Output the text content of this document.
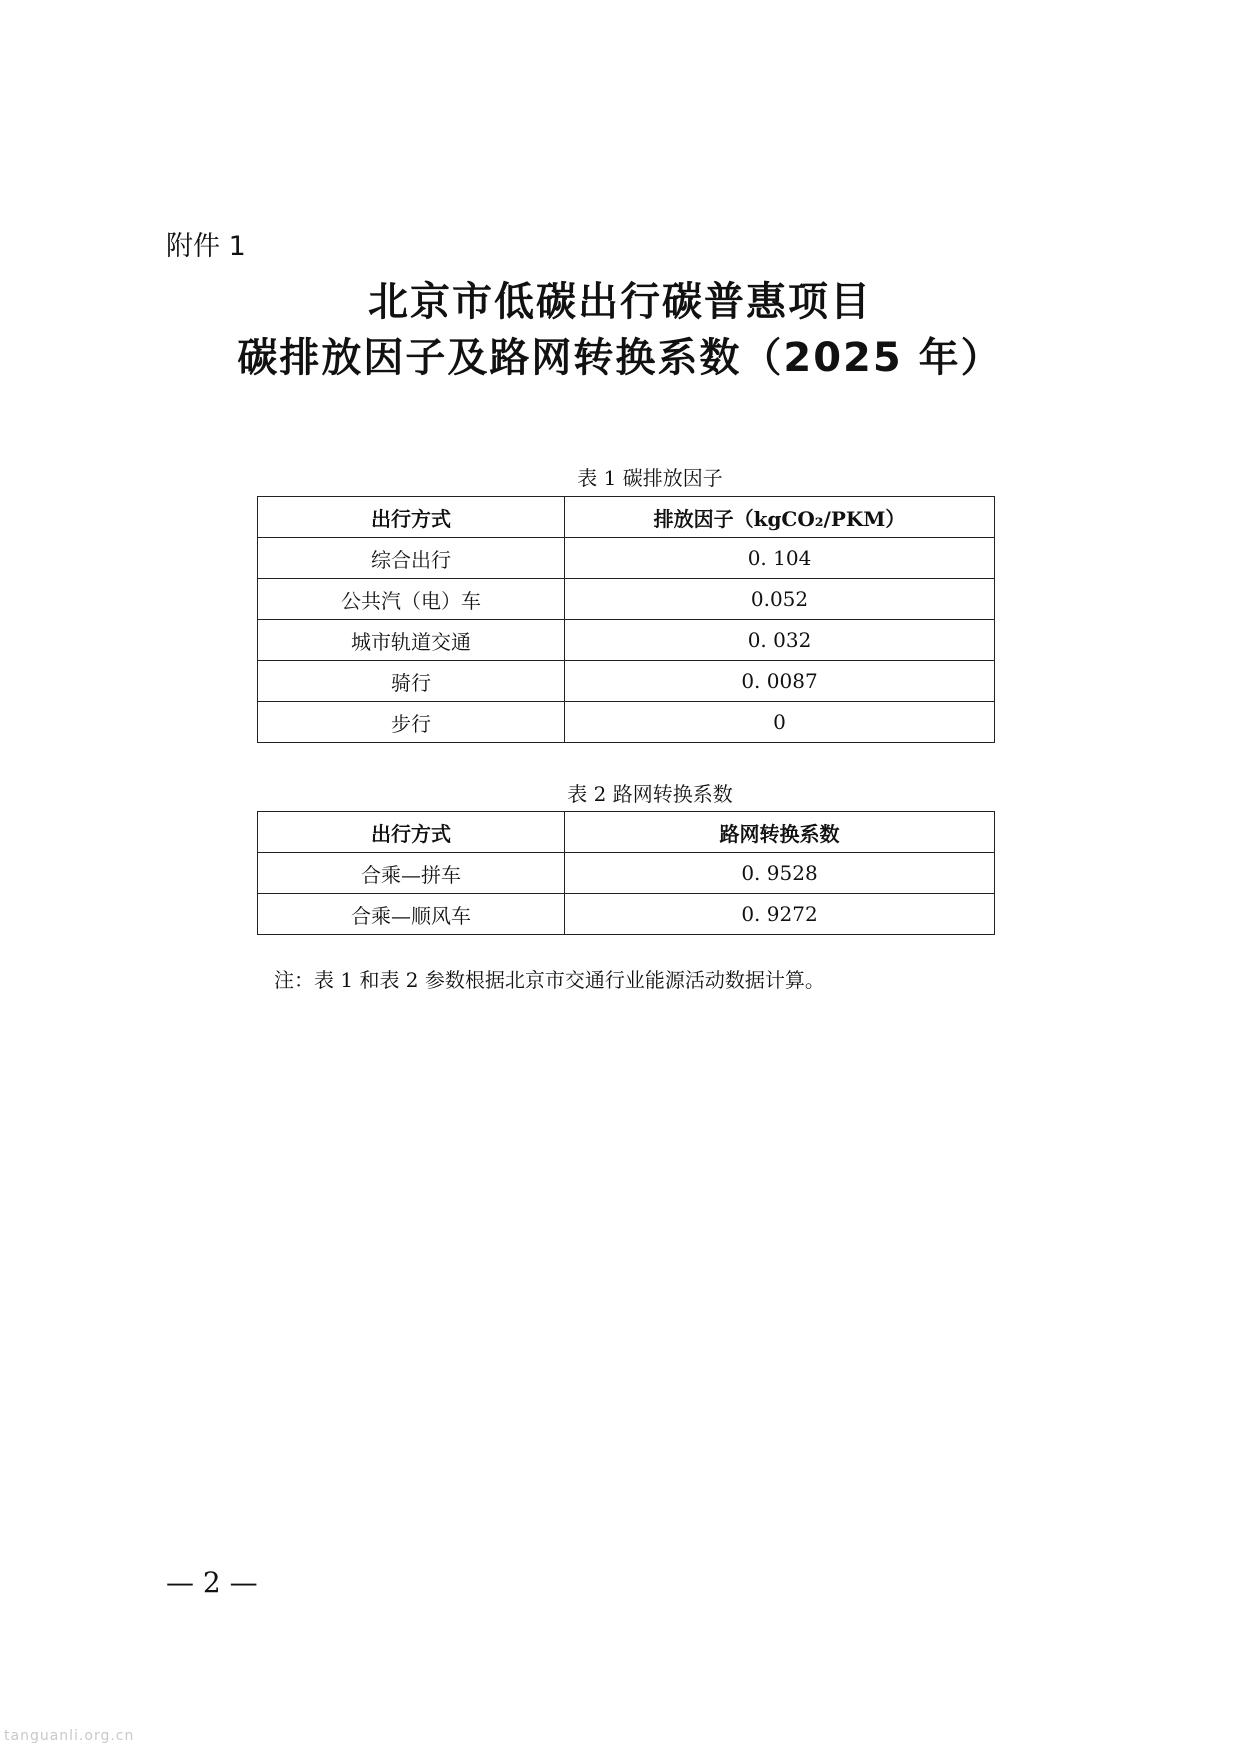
附件 1
北京市低碳出行碳普惠项目
碳排放因子及路网转换系数（2025 年）
表 1 碳排放因子
出行方式	排放因子（kgCO₂/PKM）
综合出行	0. 104
公共汽（电）车	0.052
城市轨道交通	0. 032
骑行	0. 0087
步行	0
表 2 路网转换系数
出行方式	路网转换系数
合乘—拼车	0. 9528
合乘—顺风车	0. 9272
注：表 1 和表 2 参数根据北京市交通行业能源活动数据计算。
— 2 —
tanguanli.org.cn
